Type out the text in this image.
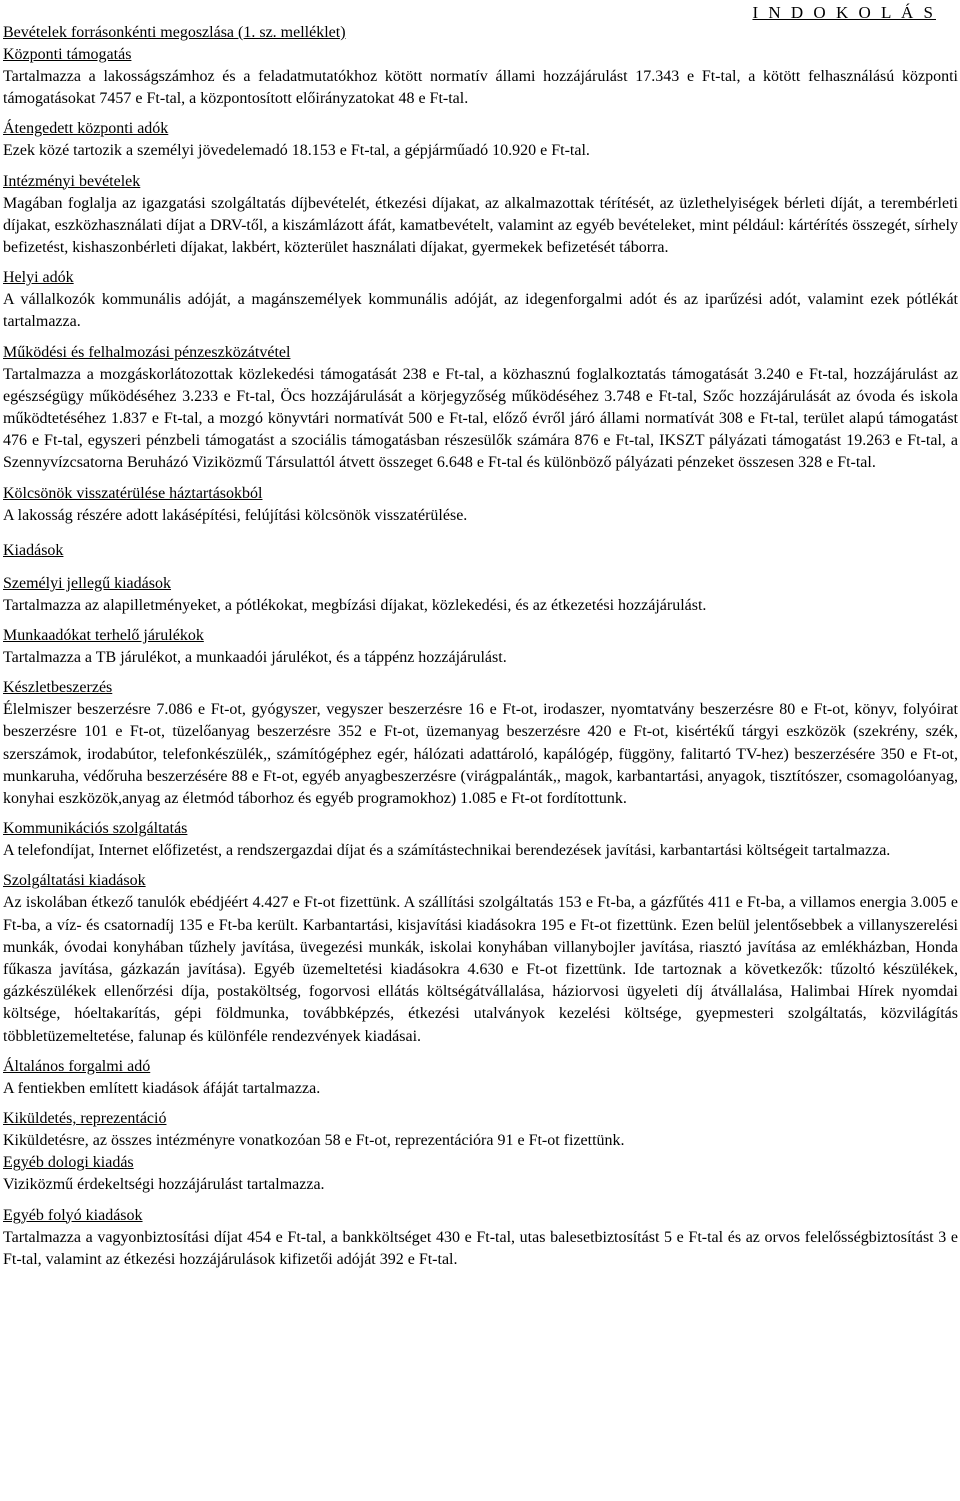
I N D O K O L Á S
Bevételek forrásonkénti megoszlása (1. sz. melléklet)
Központi támogatás
Tartalmazza a lakosságszámhoz és a feladatmutatókhoz kötött normatív állami hozzájárulást 17.343 e Ft-tal, a kötött felhasználású központi támogatásokat 7457 e Ft-tal, a központosított előirányzatokat 48 e Ft-tal.
Átengedett központi adók
Ezek közé tartozik a személyi jövedelemadó 18.153 e Ft-tal, a gépjárműadó 10.920 e Ft-tal.
Intézményi bevételek
Magában foglalja az igazgatási szolgáltatás díjbevételét, étkezési díjakat, az alkalmazottak térítését, az üzlethelyiségek bérleti díját, a terembérleti díjakat, eszközhasználati díjat a DRV-től, a kiszámlázott áfát, kamatbevételt, valamint az egyéb bevételeket, mint például: kártérítés összegét, sírhely befizetést, kishaszonbérleti díjakat, lakbért, közterület használati díjakat, gyermekek befizetését táborra.
Helyi adók
A vállalkozók kommunális adóját, a magánszemélyek kommunális adóját, az idegenforgalmi adót és az iparűzési adót, valamint ezek pótlékát tartalmazza.
Működési és felhalmozási pénzeszközátvétel
Tartalmazza a mozgáskorlátozottak közlekedési támogatását 238 e Ft-tal, a közhasznú foglalkoztatás támogatását 3.240 e Ft-tal, hozzájárulást az egészségügy működéséhez 3.233 e Ft-tal, Öcs hozzájárulását a körjegyzőség működéséhez 3.748 e Ft-tal, Szőc hozzájárulását az óvoda és iskola működtetéséhez 1.837 e Ft-tal, a mozgó könyvtári normatívát 500 e Ft-tal, előző évről járó állami normatívát 308 e Ft-tal, terület alapú támogatást 476 e Ft-tal, egyszeri pénzbeli támogatást a szociális támogatásban részesülők számára 876 e Ft-tal, IKSZT pályázati támogatást 19.263 e Ft-tal, a Szennyvízcsatorna Beruházó Viziközmű Társulattól átvett összeget 6.648 e Ft-tal és különböző pályázati pénzeket összesen 328 e Ft-tal.
Kölcsönök visszatérülése háztartásokból
A lakosság részére adott lakásépítési, felújítási kölcsönök visszatérülése.
Kiadások
Személyi jellegű kiadások
Tartalmazza az alapilletményeket, a pótlékokat, megbízási díjakat, közlekedési, és az étkezetési hozzájárulást.
Munkaadókat terhelő járulékok
Tartalmazza a TB járulékot, a munkaadói járulékot, és a táppénz hozzájárulást.
Készletbeszerzés
Élelmiszer beszerzésre 7.086 e Ft-ot, gyógyszer, vegyszer beszerzésre 16 e Ft-ot, irodaszer, nyomtatvány beszerzésre 80 e Ft-ot, könyv, folyóirat beszerzésre 101 e Ft-ot, tüzelőanyag beszerzésre 352 e Ft-ot, üzemanyag beszerzésre 420 e Ft-ot, kisértékű tárgyi eszközök (szekrény, szék, szerszámok, irodabútor, telefonkészülék,, számítógéphez egér, hálózati adattároló, kapálógép, függöny, falitartó TV-hez) beszerzésére 350 e Ft-ot, munkaruha, védőruha beszerzésére 88 e Ft-ot, egyéb anyagbeszerzésre (virágpalánták,, magok, karbantartási, anyagok, tisztítószer, csomagolóanyag, konyhai eszközök,anyag az életmód táborhoz és egyéb programokhoz) 1.085 e Ft-ot fordítottunk.
Kommunikációs szolgáltatás
A telefondíjat, Internet előfizetést, a rendszergazdai díjat és a számítástechnikai berendezések javítási, karbantartási költségeit tartalmazza.
Szolgáltatási kiadások
Az iskolában étkező tanulók ebédjéért 4.427 e Ft-ot fizettünk. A szállítási szolgáltatás 153 e Ft-ba, a gázfűtés 411 e Ft-ba, a villamos energia 3.005 e Ft-ba, a víz- és csatornadíj 135 e Ft-ba került. Karbantartási, kisjavítási kiadásokra 195 e Ft-ot fizettünk. Ezen belül jelentősebbek a villanyszerelési munkák, óvodai konyhában tűzhely javítása, üvegezési munkák, iskolai konyhában villanybojler javítása, riasztó javítása az emlékházban, Honda fűkasza javítása, gázkazán javítása). Egyéb üzemeltetési kiadásokra 4.630 e Ft-ot fizettünk. Ide tartoznak a következők: tűzoltó készülékek, gázkészülékek ellenőrzési díja, postaköltség, fogorvosi ellátás költségátvállalása, háziorvosi ügyeleti díj átvállalása, Halimbai Hírek nyomdai költsége, hóeltakarítás, gépi földmunka, továbbképzés, étkezési utalványok kezelési költsége, gyepmesteri szolgáltatás, közvilágítás többletüzemeltetése, falunap és különféle rendezvények kiadásai.
Általános forgalmi adó
A fentiekben említett kiadások áfáját tartalmazza.
Kiküldetés, reprezentáció
Kiküldetésre, az összes intézményre vonatkozóan 58 e Ft-ot, reprezentációra 91 e Ft-ot fizettünk.
Egyéb dologi kiadás
Viziközmű érdekeltségi hozzájárulást tartalmazza.
Egyéb folyó kiadások
Tartalmazza a vagyonbiztosítási díjat 454 e Ft-tal, a bankköltséget 430 e Ft-tal, utas balesetbiztosítást 5 e Ft-tal és az orvos felelősségbiztosítást 3 e Ft-tal, valamint az étkezési hozzájárulások kifizetői adóját 392 e Ft-tal.
